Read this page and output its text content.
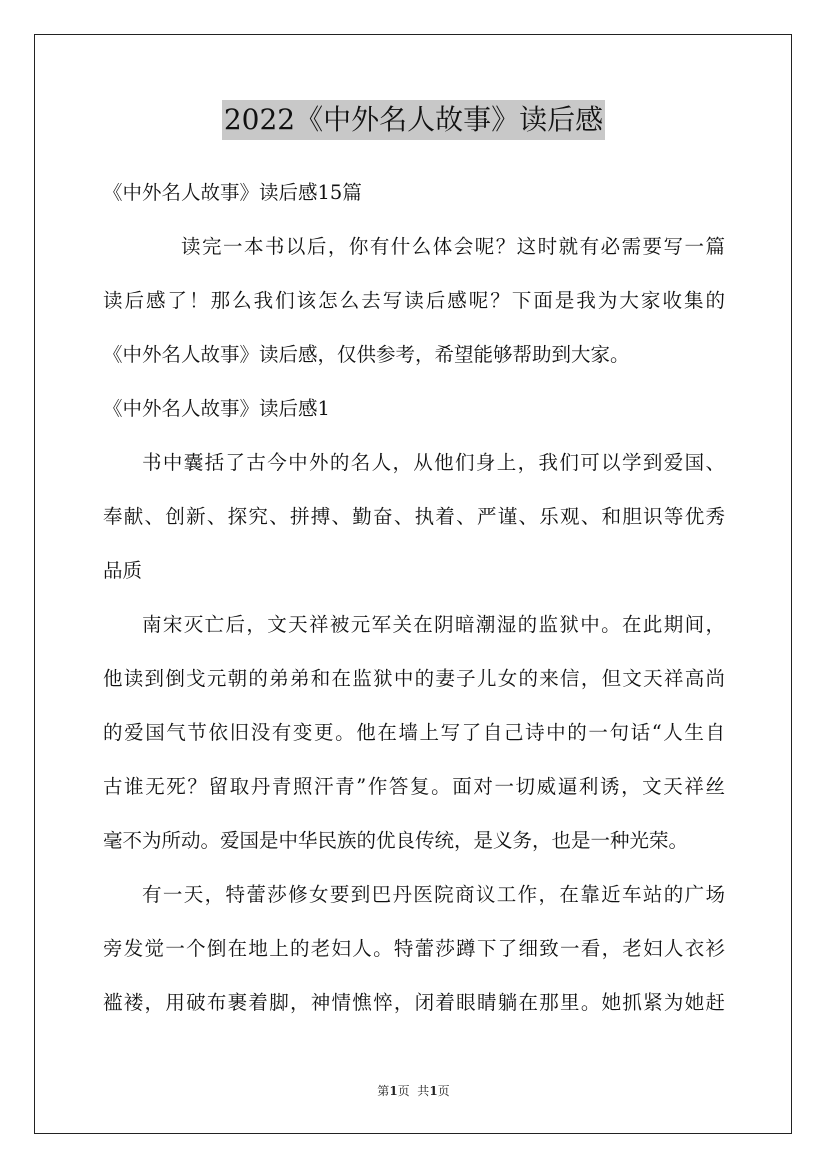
2022《中外名人故事》读后感

《中外名人故事》读后感15篇

读完一本书以后，你有什么体会呢？这时就有必需要写一篇
读后感了！那么我们该怎么去写读后感呢？下面是我为大家收集的
《中外名人故事》读后感，仅供参考，希望能够帮助到大家。

《中外名人故事》读后感1

书中囊括了古今中外的名人，从他们身上，我们可以学到爱国、
奉献、创新、探究、拼搏、勤奋、执着、严谨、乐观、和胆识等优秀
品质

南宋灭亡后，文天祥被元军关在阴暗潮湿的监狱中。在此期间，
他读到倒戈元朝的弟弟和在监狱中的妻子儿女的来信，但文天祥高尚
的爱国气节依旧没有变更。他在墙上写了自己诗中的一句话“人生自
古谁无死？留取丹青照汗青”作答复。面对一切威逼利诱，文天祥丝
毫不为所动。爱国是中华民族的优良传统，是义务，也是一种光荣。

有一天，特蕾莎修女要到巴丹医院商议工作，在靠近车站的广场
旁发觉一个倒在地上的老妇人。特蕾莎蹲下了细致一看，老妇人衣衫
褴褛，用破布裹着脚，神情憔悴，闭着眼睛躺在那里。她抓紧为她赶

第1页  共1页
